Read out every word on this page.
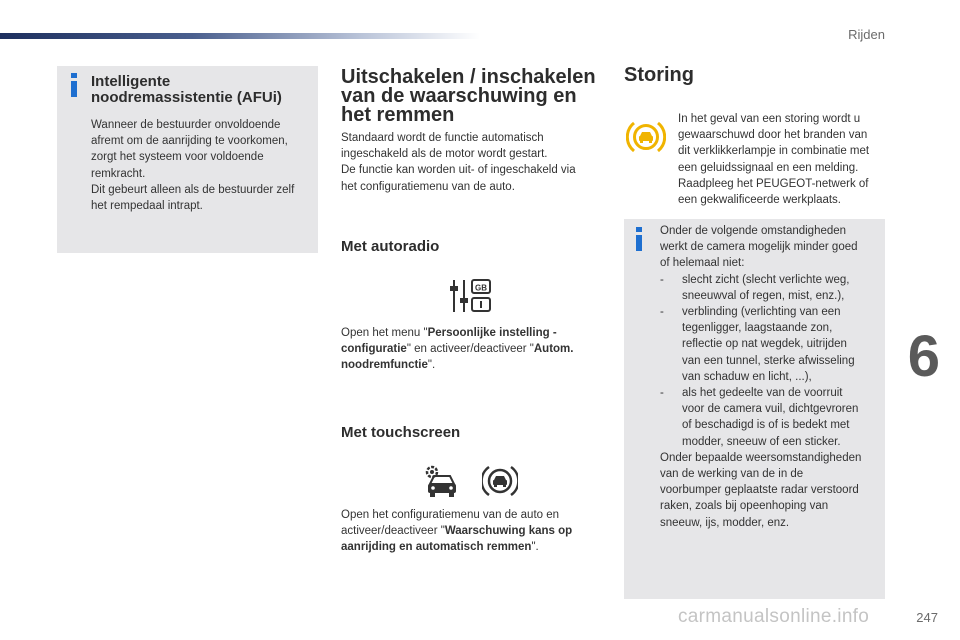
Rijden
6
247
Intelligente noodremassistentie (AFUi)

Wanneer de bestuurder onvoldoende
afremt om de aanrijding te voorkomen,
zorgt het systeem voor voldoende
remkracht.
Dit gebeurt alleen als de bestuurder zelf
het rempedaal intrapt.

Uitschakelen / inschakelen
van de waarschuwing en
het remmen

Standaard wordt de functie automatisch
ingeschakeld als de motor wordt gestart.
De functie kan worden uit- of ingeschakeld via
het configuratiemenu van de auto.

Met autoradio
GB

Open het menu "Persoonlijke instelling -
configuratie" en activeer/deactiveer "Autom.
noodremfunctie".

Met touchscreen

Open het configuratiemenu van de auto en
activeer/deactiveer "Waarschuwing kans op
aanrijding en automatisch remmen".

Storing

In het geval van een storing wordt u
gewaarschuwd door het branden van
dit verklikkerlampje in combinatie met
een geluidssignaal en een melding.
Raadpleeg het PEUGEOT-netwerk of
een gekwalificeerde werkplaats.

Onder de volgende omstandigheden
werkt de camera mogelijk minder goed
of helemaal niet:
-	slecht zicht (slecht verlichte weg,
sneeuwval of regen, mist, enz.),
-	verblinding (verlichting van een
tegenligger, laagstaande zon,
reflectie op nat wegdek, uitrijden
van een tunnel, sterke afwisseling
van schaduw en licht, ...),
-	als het gedeelte van de voorruit
voor de camera vuil, dichtgevroren
of beschadigd is of is bedekt met
modder, sneeuw of een sticker.
Onder bepaalde weersomstandigheden
van de werking van de in de
voorbumper geplaatste radar verstoord
raken, zoals bij opeenhoping van
sneeuw, ijs, modder, enz.
carmanualsonline.info
